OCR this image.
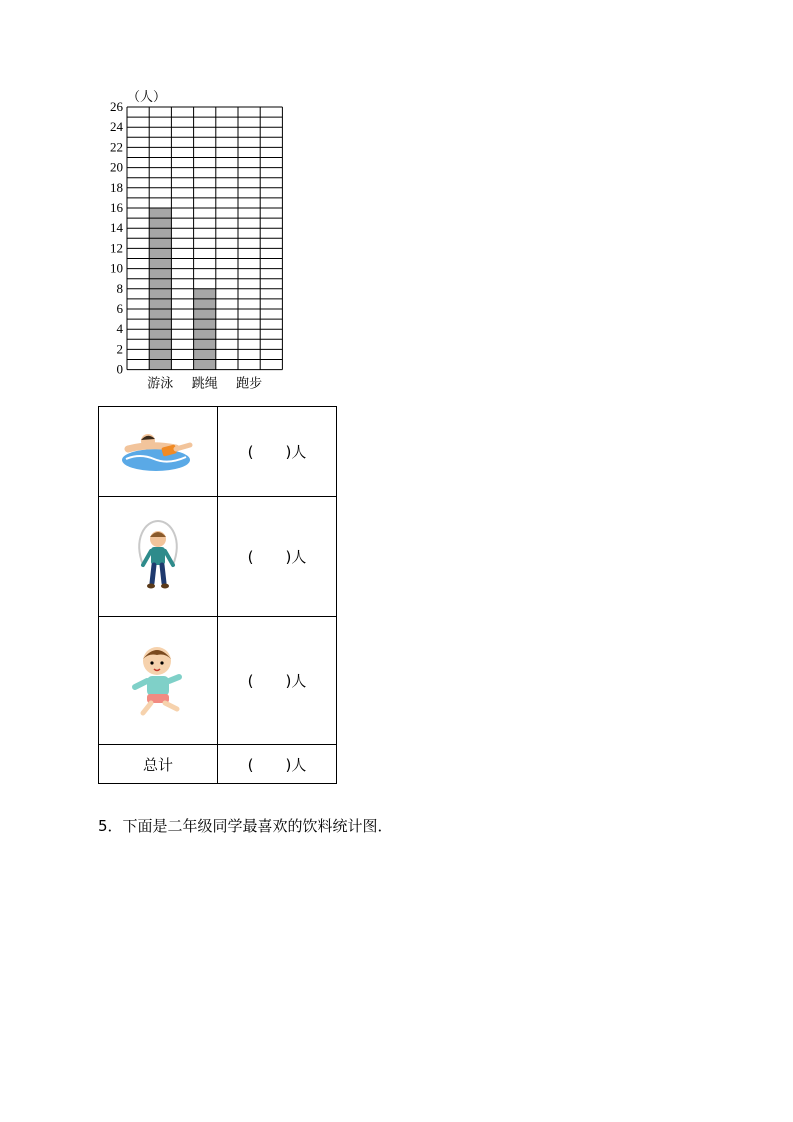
0
2
4
6
8
10
12
14
16
18
20
22
24
26
（人）
游泳 跳绳 跑步
	( )人

	( )人

	( )人
总计	( )人
5．下面是二年级同学最喜欢的饮料统计图．
